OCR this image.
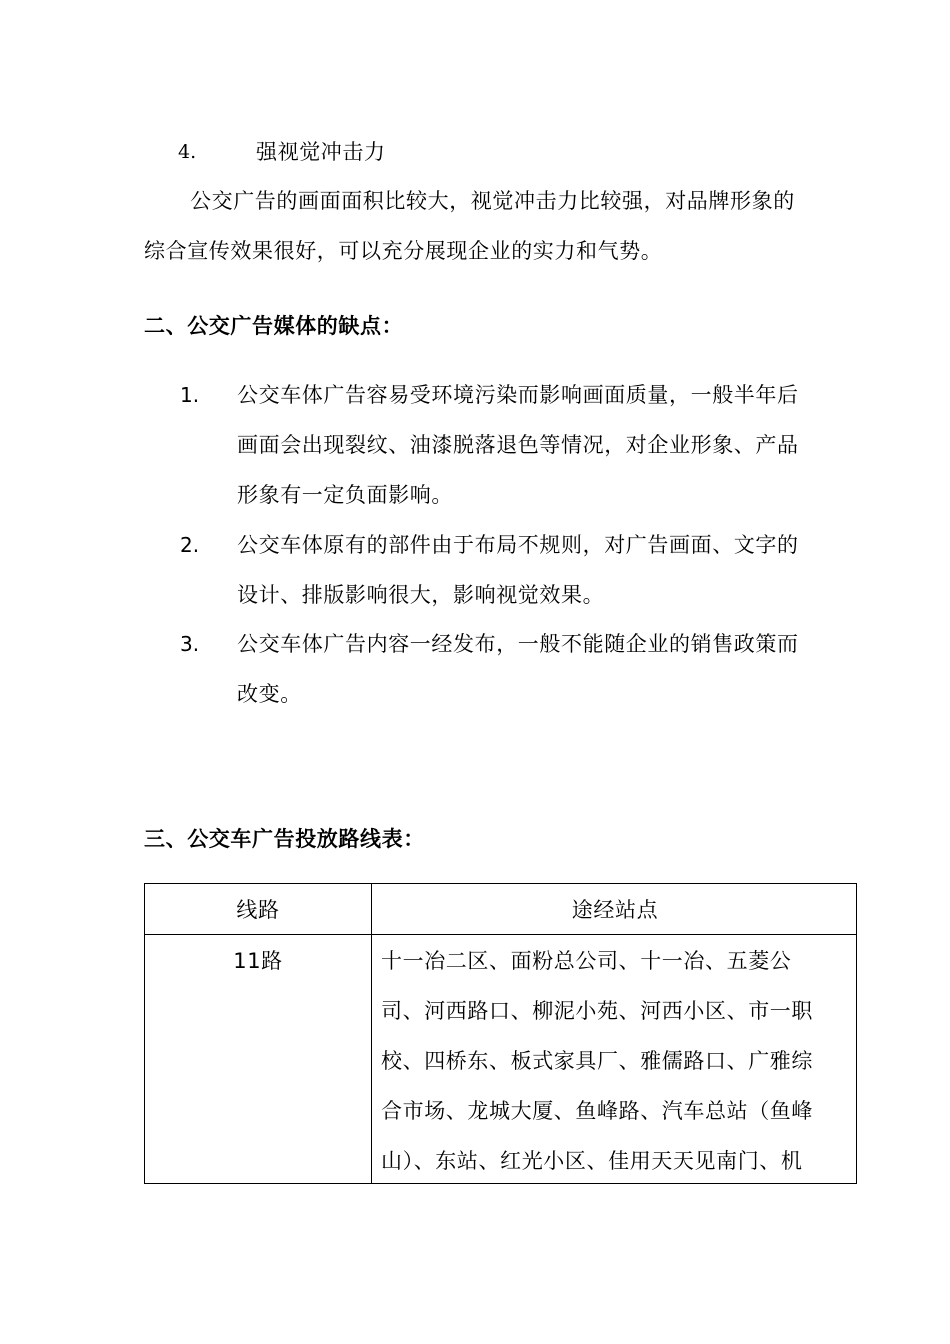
4.	强视觉冲击力
公交广告的画面面积比较大，视觉冲击力比较强，对品牌形象的
综合宣传效果很好，可以充分展现企业的实力和气势。
二、公交广告媒体的缺点：
1. 公交车体广告容易受环境污染而影响画面质量，一般半年后
画面会出现裂纹、油漆脱落退色等情况，对企业形象、产品
形象有一定负面影响。
2. 公交车体原有的部件由于布局不规则，对广告画面、文字的
设计、排版影响很大，影响视觉效果。
3. 公交车体广告内容一经发布，一般不能随企业的销售政策而
改变。
三、公交车广告投放路线表：
线路	途经站点
11路	十一冶二区、面粉总公司、十一冶、五菱公
司、河西路口、柳泥小苑、河西小区、市一职
校、四桥东、板式家具厂、雅儒路口、广雅综
合市场、龙城大厦、鱼峰路、汽车总站（鱼峰
山）、东站、红光小区、佳用天天见南门、机
